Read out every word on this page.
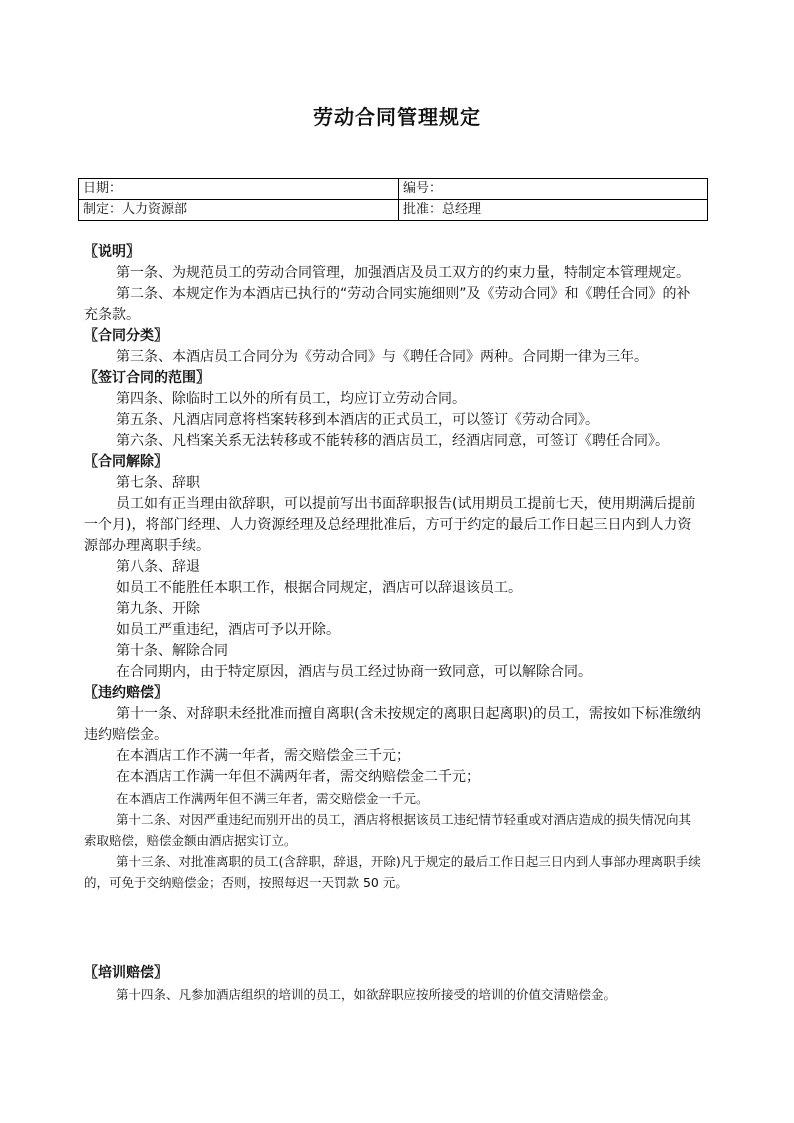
劳动合同管理规定
日期：	编号：
制定：人力资源部	批准：总经理

〖说明〗

第一条、为规范员工的劳动合同管理，加强酒店及员工双方的约束力量，特制定本管理规定。

第二条、本规定作为本酒店已执行的“劳动合同实施细则”及《劳动合同》和《聘任合同》的补充条款。

〖合同分类〗

第三条、本酒店员工合同分为《劳动合同》与《聘任合同》两种。合同期一律为三年。

〖签订合同的范围〗

第四条、除临时工以外的所有员工，均应订立劳动合同。

第五条、凡酒店同意将档案转移到本酒店的正式员工，可以签订《劳动合同》。

第六条、凡档案关系无法转移或不能转移的酒店员工，经酒店同意，可签订《聘任合同》。

〖合同解除〗

第七条、辞职

员工如有正当理由欲辞职，可以提前写出书面辞职报告(试用期员工提前七天，使用期满后提前一个月)，将部门经理、人力资源经理及总经理批准后，方可于约定的最后工作日起三日内到人力资源部办理离职手续。

第八条、辞退

如员工不能胜任本职工作，根据合同规定，酒店可以辞退该员工。

第九条、开除

如员工严重违纪，酒店可予以开除。

第十条、解除合同

在合同期内，由于特定原因，酒店与员工经过协商一致同意，可以解除合同。

〖违约赔偿〗

第十一条、对辞职未经批准而擅自离职(含未按规定的离职日起离职)的员工，需按如下标准缴纳违约赔偿金。

在本酒店工作不满一年者，需交赔偿金三千元；

在本酒店工作满一年但不满两年者，需交纳赔偿金二千元；

在本酒店工作满两年但不满三年者，需交赔偿金一千元。

第十二条、对因严重违纪而别开出的员工，酒店将根据该员工违纪情节轻重或对酒店造成的损失情况向其索取赔偿，赔偿金额由酒店据实订立。

第十三条、对批准离职的员工(含辞职，辞退，开除)凡于规定的最后工作日起三日内到人事部办理离职手续的，可免于交纳赔偿金；否则，按照每迟一天罚款 50 元。

〖培训赔偿〗

第十四条、凡参加酒店组织的培训的员工，如欲辞职应按所接受的培训的价值交清赔偿金。
